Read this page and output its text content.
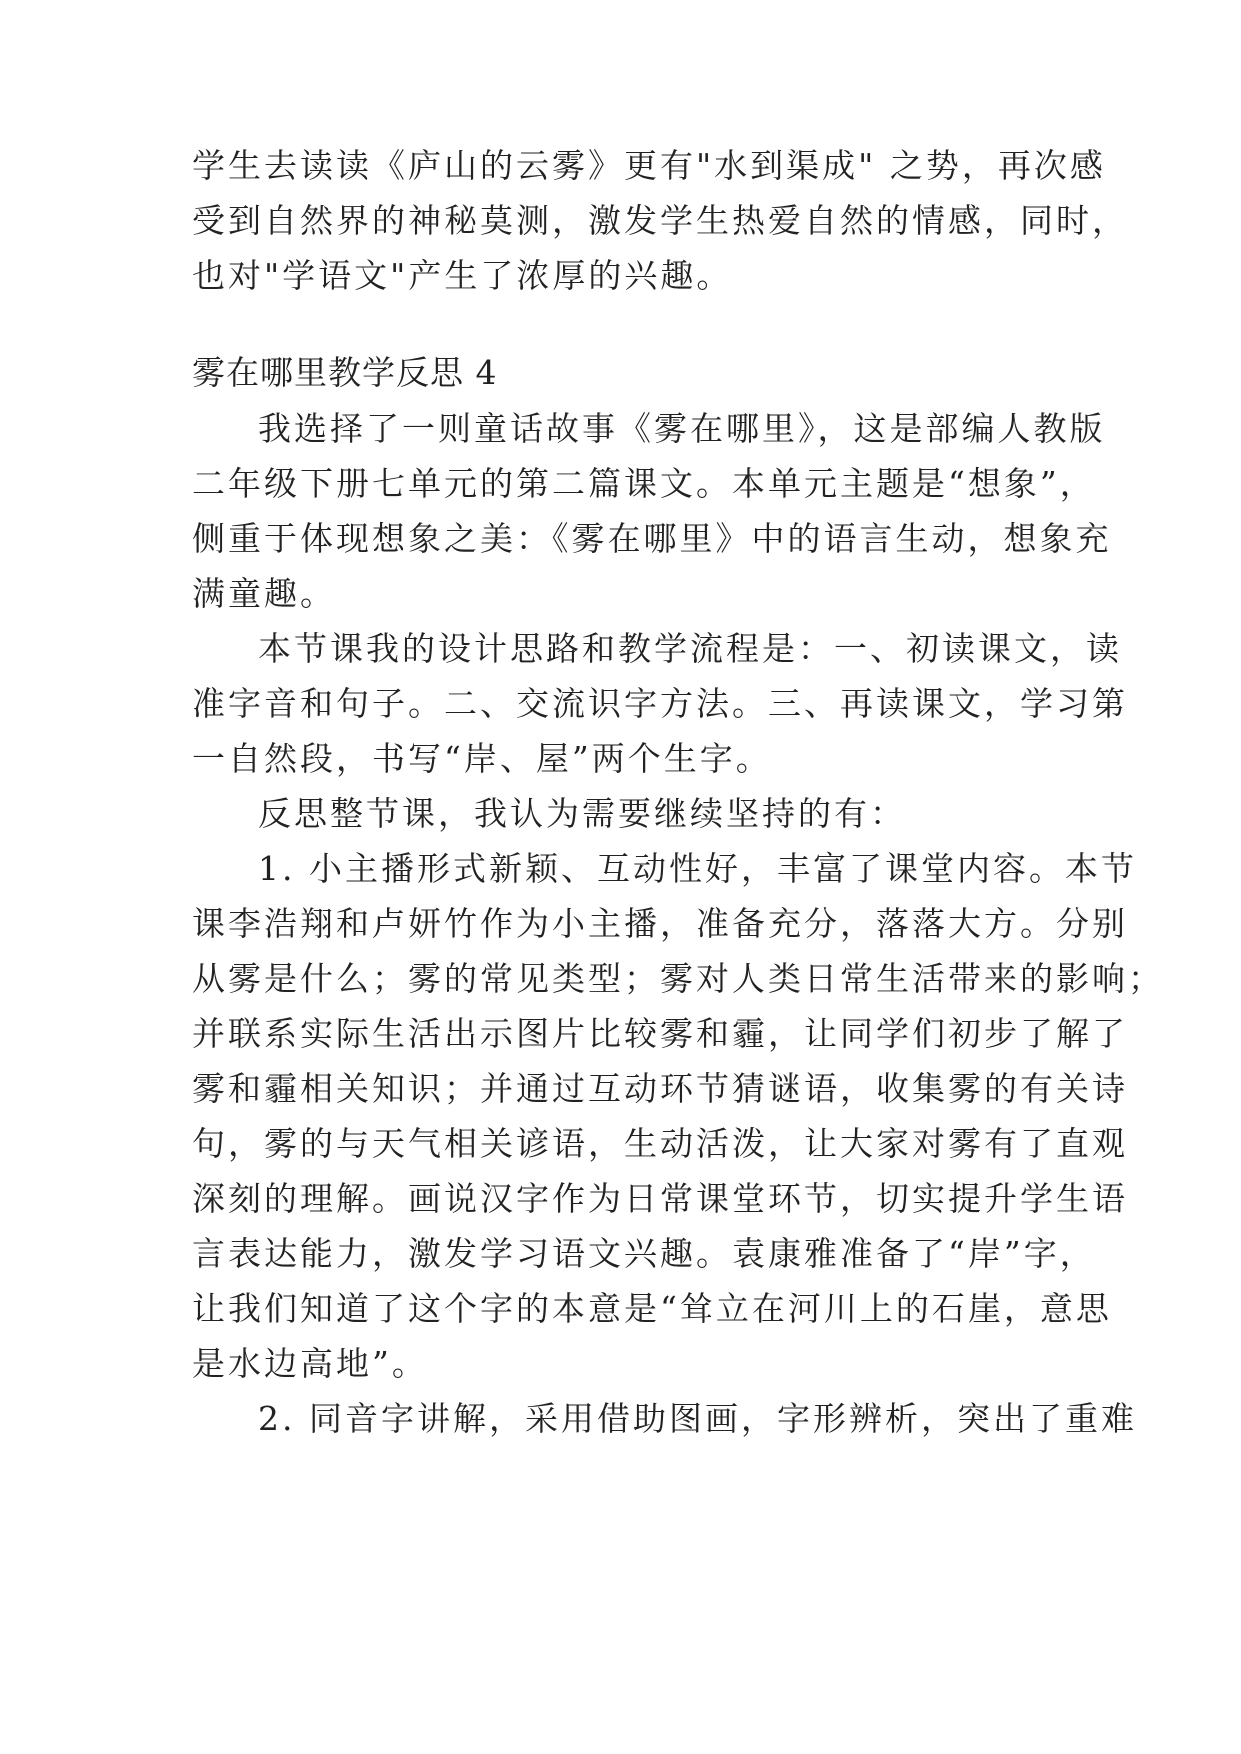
学生去读读《庐山的云雾》更有"水到渠成" 之势，再次感

受到自然界的神秘莫测，激发学生热爱自然的情感，同时，

也对"学语文"产生了浓厚的兴趣。

雾在哪里教学反思 4

我选择了一则童话故事《雾在哪里》，这是部编人教版

二年级下册七单元的第二篇课文。本单元主题是“想象”，

侧重于体现想象之美：《雾在哪里》中的语言生动，想象充

满童趣。

本节课我的设计思路和教学流程是：一、初读课文，读

准字音和句子。二、交流识字方法。三、再读课文，学习第

一自然段，书写“岸、屋”两个生字。

反思整节课，我认为需要继续坚持的有：

1. 小主播形式新颖、互动性好，丰富了课堂内容。本节

课李浩翔和卢妍竹作为小主播，准备充分，落落大方。分别

从雾是什么；雾的常见类型；雾对人类日常生活带来的影响；

并联系实际生活出示图片比较雾和霾，让同学们初步了解了

雾和霾相关知识；并通过互动环节猜谜语，收集雾的有关诗

句，雾的与天气相关谚语，生动活泼，让大家对雾有了直观

深刻的理解。画说汉字作为日常课堂环节，切实提升学生语

言表达能力，激发学习语文兴趣。袁康雅准备了“岸”字，

让我们知道了这个字的本意是“耸立在河川上的石崖，意思

是水边高地”。

2. 同音字讲解，采用借助图画，字形辨析，突出了重难
